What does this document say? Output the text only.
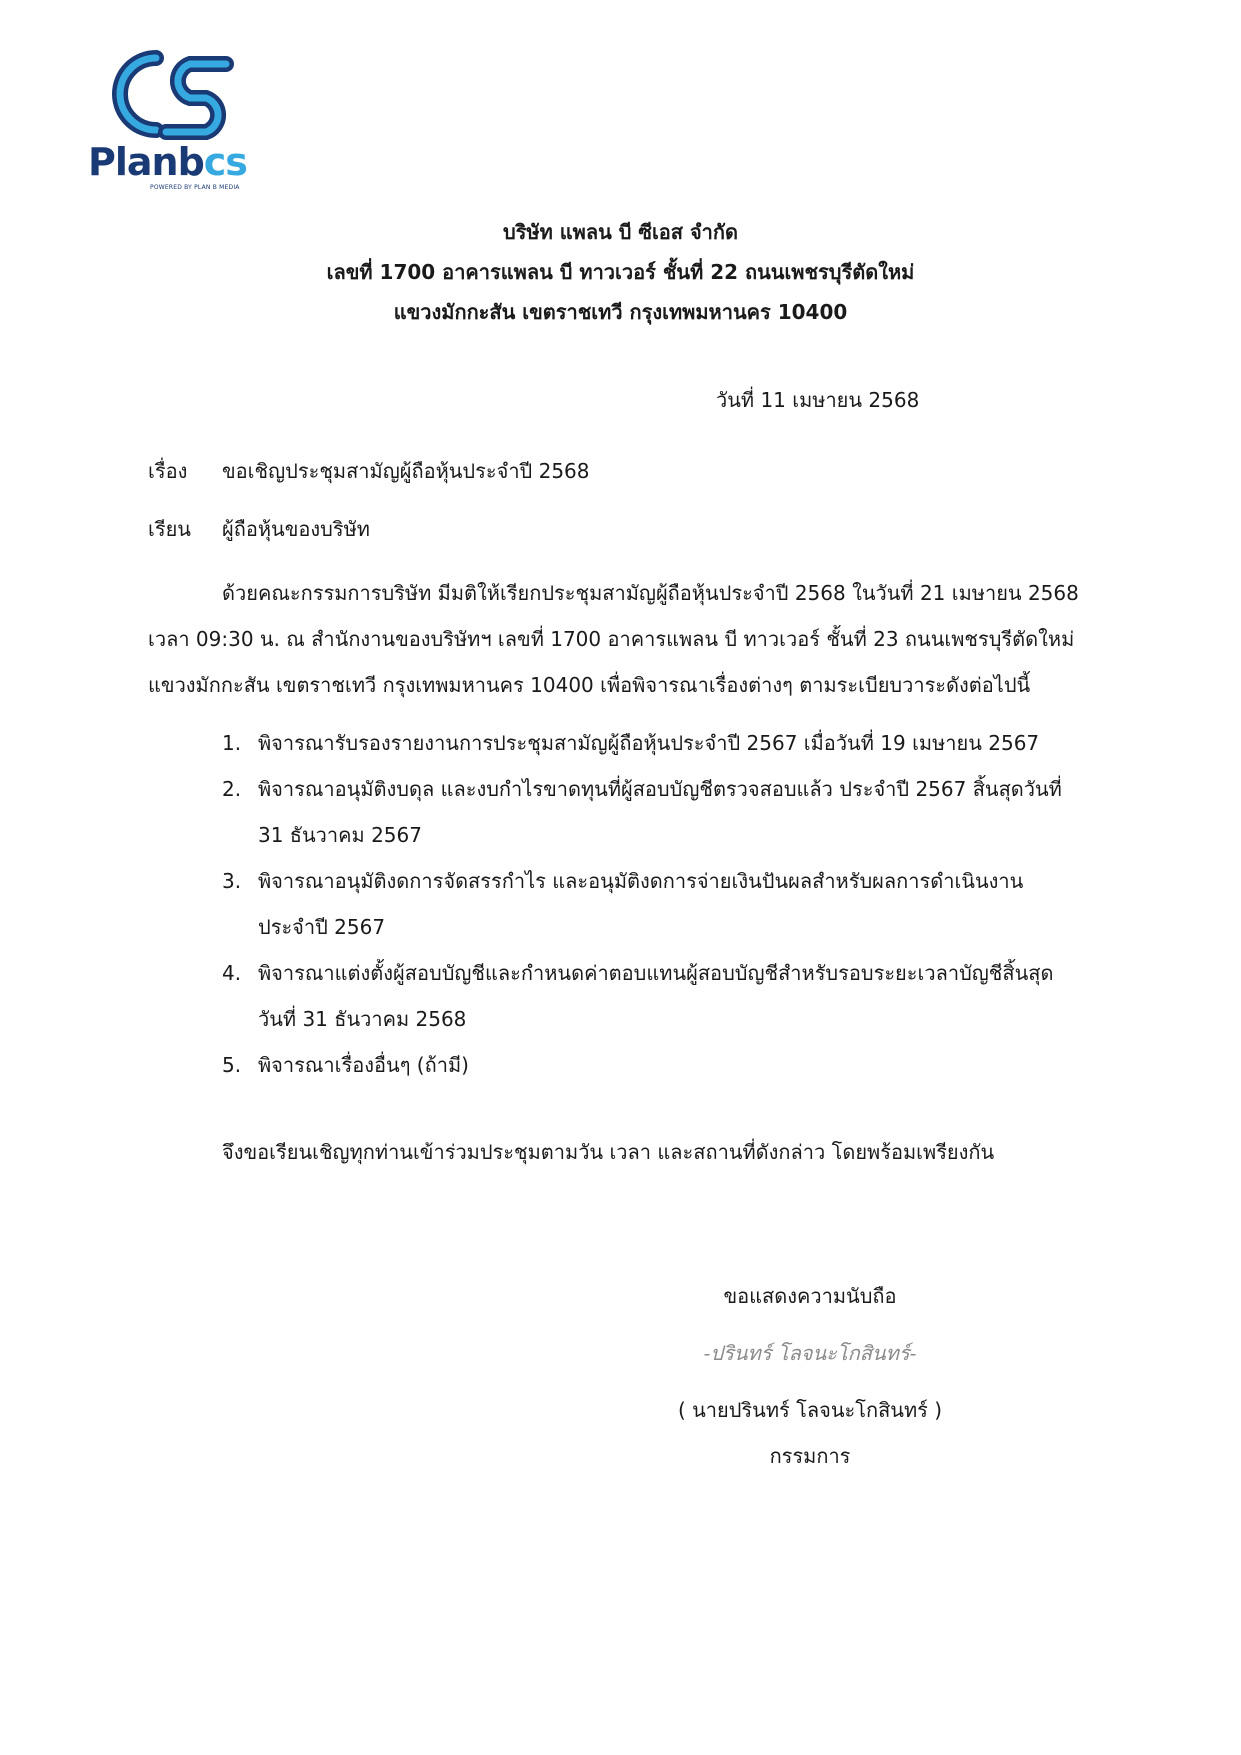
Planbcs
POWERED BY PLAN B MEDIA
บริษัท แพลน บี ซีเอส จำกัด
เลขที่ 1700 อาคารแพลน บี ทาวเวอร์ ชั้นที่ 22 ถนนเพชรบุรีตัดใหม่
แขวงมักกะสัน เขตราชเทวี กรุงเทพมหานคร 10400
วันที่ 11 เมษายน 2568
เรื่อง ขอเชิญประชุมสามัญผู้ถือหุ้นประจำปี 2568
เรียน ผู้ถือหุ้นของบริษัท
ด้วยคณะกรรมการบริษัท มีมติให้เรียกประชุมสามัญผู้ถือหุ้นประจำปี 2568 ในวันที่ 21 เมษายน 2568
เวลา 09:30 น. ณ สำนักงานของบริษัทฯ เลขที่ 1700 อาคารแพลน บี ทาวเวอร์ ชั้นที่ 23 ถนนเพชรบุรีตัดใหม่
แขวงมักกะสัน เขตราชเทวี กรุงเทพมหานคร 10400 เพื่อพิจารณาเรื่องต่างๆ ตามระเบียบวาระดังต่อไปนี้
1. พิจารณารับรองรายงานการประชุมสามัญผู้ถือหุ้นประจำปี 2567 เมื่อวันที่ 19 เมษายน 2567
2. พิจารณาอนุมัติงบดุล และงบกำไรขาดทุนที่ผู้สอบบัญชีตรวจสอบแล้ว ประจำปี 2567 สิ้นสุดวันที่
31 ธันวาคม 2567
3. พิจารณาอนุมัติงดการจัดสรรกำไร และอนุมัติงดการจ่ายเงินปันผลสำหรับผลการดำเนินงาน
ประจำปี 2567
4. พิจารณาแต่งตั้งผู้สอบบัญชีและกำหนดค่าตอบแทนผู้สอบบัญชีสำหรับรอบระยะเวลาบัญชีสิ้นสุด
วันที่ 31 ธันวาคม 2568
5. พิจารณาเรื่องอื่นๆ (ถ้ามี)
จึงขอเรียนเชิญทุกท่านเข้าร่วมประชุมตามวัน เวลา และสถานที่ดังกล่าว โดยพร้อมเพรียงกัน
ขอแสดงความนับถือ
-ปรินทร์ โลจนะโกสินทร์-
( นายปรินทร์ โลจนะโกสินทร์ )
กรรมการ
